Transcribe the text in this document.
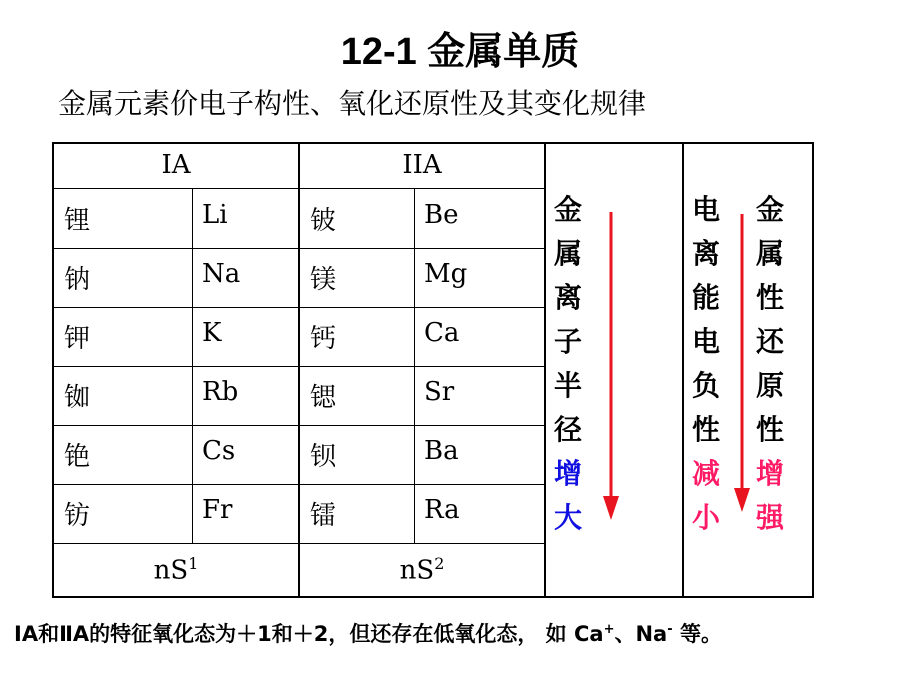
12-1 金属单质
金属元素价电子构性、氧化还原性及其变化规律
IA	IIA
锂	Li	铍	Be
钠	Na	镁	Mg
钾	K	钙	Ca
铷	Rb	锶	Sr
铯	Cs	钡	Ba
钫	Fr	镭	Ra
$nS^1$	$nS^2$
金
属
离
子
半
径
增
大
电
离
能
电
负
性
减
小
金
属
性
还
原
性
增
强
ⅠA和ⅡA的特征氧化态为＋1和＋2，但还存在低氧化态， 如 Ca+、Na- 等。
